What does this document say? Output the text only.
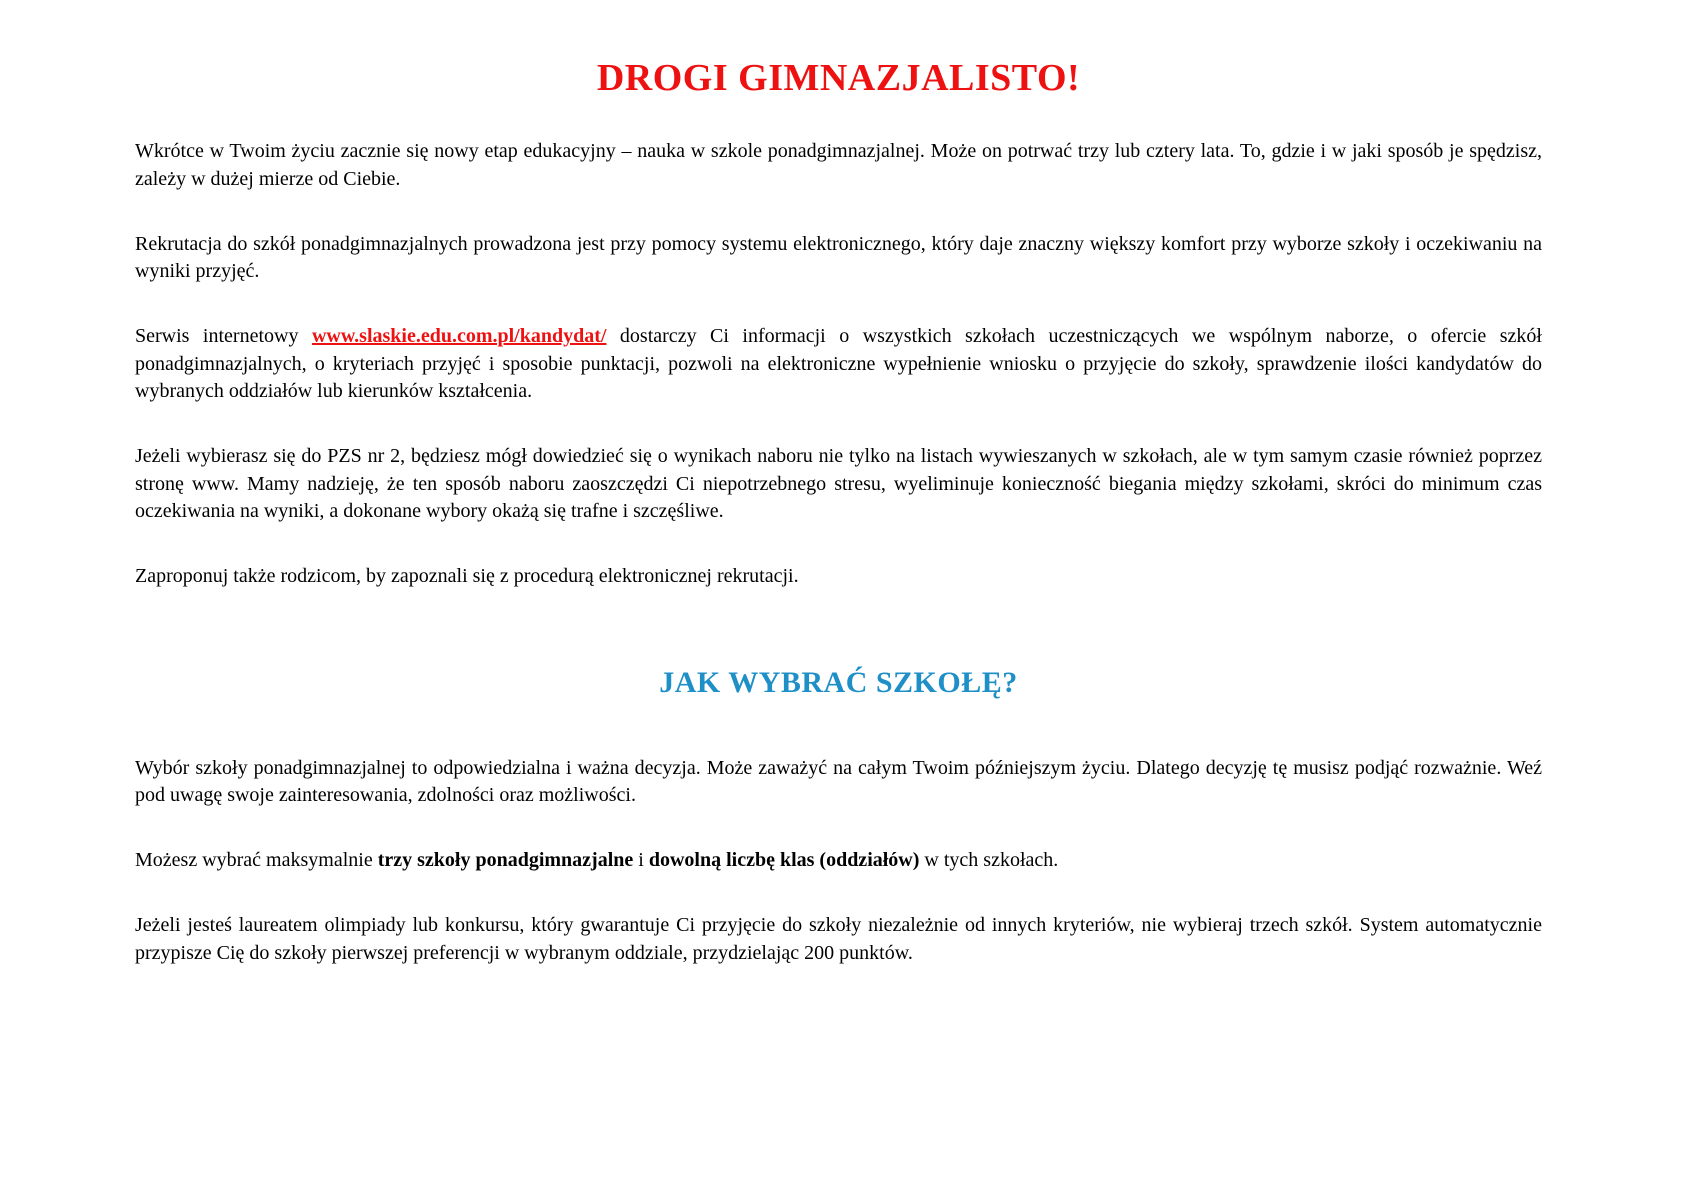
DROGI GIMNAZJALISTO!

Wkrótce w Twoim życiu zacznie się nowy etap edukacyjny – nauka w szkole ponadgimnazjalnej. Może on potrwać trzy lub cztery lata. To, gdzie i w jaki sposób je spędzisz, zależy w dużej mierze od Ciebie.

Rekrutacja do szkół ponadgimnazjalnych prowadzona jest przy pomocy systemu elektronicznego, który daje znaczny większy komfort przy wyborze szkoły i oczekiwaniu na wyniki przyjęć.

Serwis internetowy www.slaskie.edu.com.pl/kandydat/ dostarczy Ci informacji o wszystkich szkołach uczestniczących we wspólnym naborze, o ofercie szkół ponadgimnazjalnych, o kryteriach przyjęć i sposobie punktacji, pozwoli na elektroniczne wypełnienie wniosku o przyjęcie do szkoły, sprawdzenie ilości kandydatów do wybranych oddziałów lub kierunków kształcenia.

Jeżeli wybierasz się do PZS nr 2, będziesz mógł dowiedzieć się o wynikach naboru nie tylko na listach wywieszanych w szkołach, ale w tym samym czasie również poprzez stronę www. Mamy nadzieję, że ten sposób naboru zaoszczędzi Ci niepotrzebnego stresu, wyeliminuje konieczność biegania między szkołami, skróci do minimum czas oczekiwania na wyniki, a dokonane wybory okażą się trafne i szczęśliwe.

Zaproponuj także rodzicom, by zapoznali się z procedurą elektronicznej rekrutacji.

JAK WYBRAĆ SZKOŁĘ?

Wybór szkoły ponadgimnazjalnej to odpowiedzialna i ważna decyzja. Może zaważyć na całym Twoim późniejszym życiu. Dlatego decyzję tę musisz podjąć rozważnie. Weź pod uwagę swoje zainteresowania, zdolności oraz możliwości.

Możesz wybrać maksymalnie trzy szkoły ponadgimnazjalne i dowolną liczbę klas (oddziałów) w tych szkołach.

Jeżeli jesteś laureatem olimpiady lub konkursu, który gwarantuje Ci przyjęcie do szkoły niezależnie od innych kryteriów, nie wybieraj trzech szkół. System automatycznie przypisze Cię do szkoły pierwszej preferencji w wybranym oddziale, przydzielając 200 punktów.
